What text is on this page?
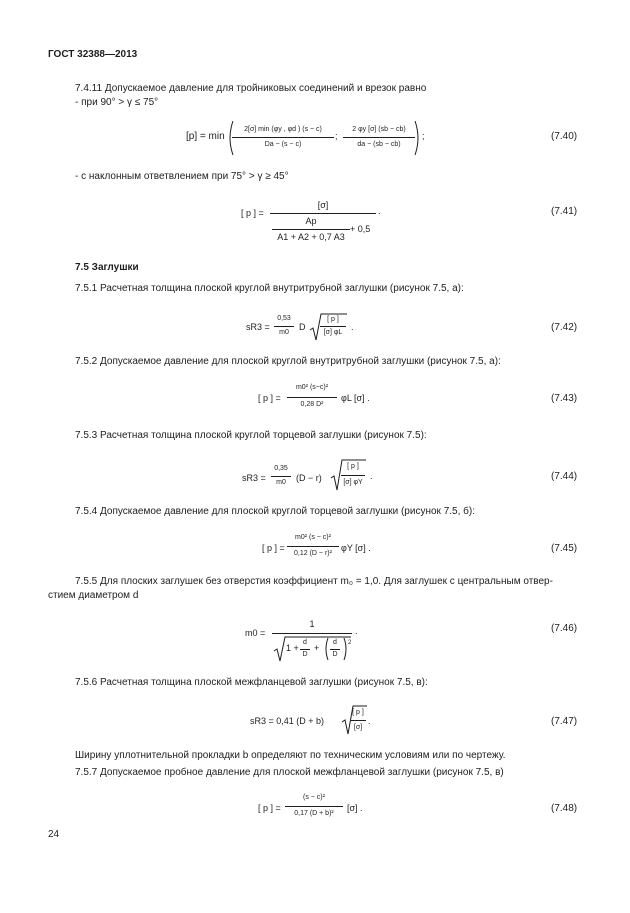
ГОСТ 32388—2013
7.4.11 Допускаемое давление для тройниковых соединений и врезок равно
- при 90° > γ ≤ 75°
[p] = min
2[σ] min (φy , φd ) (s − c)
Da − (s − c)
;
2 φy [σ] (sb − cb)
da − (sb − cb)
;	(7.40)
- с наклонным ответвлением при 75° > γ ≥ 45°
[ p ] =
[σ]
Ap
A1 + A2 + 0,7 A3
+ 0,5
.	(7.41)
7.5 Заглушки
7.5.1 Расчетная толщина плоской круглой внутритрубной заглушки (рисунок 7.5, а):
sR3 =
0,53
m0
D
[ p ]
[σ] φL
.	(7.42)
7.5.2 Допускаемое давление для плоской круглой внутритрубной заглушки (рисунок 7.5, а):
[ p ] =
m0² (s−c)²
0,28 D²
φL [σ] .	(7.43)
7.5.3 Расчетная толщина плоской круглой торцевой заглушки (рисунок 7.5):
sR3 =
0,35
m0	(D − r)
[ p ]
[σ] φY
.	(7.44)
7.5.4 Допускаемое давление для плоской круглой торцевой заглушки (рисунок 7.5, б):
[ p ] =
m0² (s − c)²
0,12 (D − r)²
φY [σ] .	(7.45)
7.5.5 Для плоских заглушек без отверстия коэффициент m₀ = 1,0. Для заглушек с центральным отвер-
стием диаметром d
m0 =
1
1 +
d
D
+	2
d
D
.	(7.46)
7.5.6 Расчетная толщина плоской межфланцевой заглушки (рисунок 7.5, в):
sR3 = 0,41 (D + b)
[ p ]
[σ]
.	(7.47)
Ширину уплотнительной прокладки b определяют по техническим условиям или по чертежу.
7.5.7 Допускаемое пробное давление для плоской межфланцевой заглушки (рисунок 7.5, в)
[ p ] =
(s − c)²
0,17 (D + b)²
[σ] .	(7.48)
24
